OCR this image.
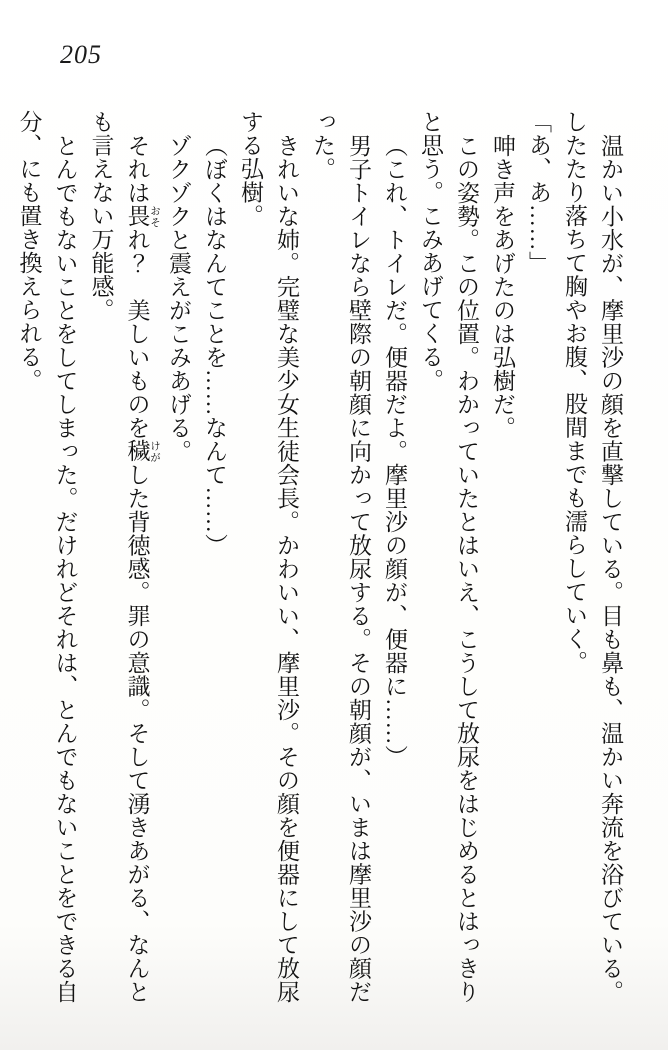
205
温かい小水が、摩里沙の顔を直撃している。目も鼻も、温かい奔流を浴びている。
したたり落ちて胸やお腹、股間までも濡らしていく。
「あ、あ……」
呻き声をあげたのは弘樹だ。
この姿勢。この位置。わかっていたとはいえ、こうして放尿をはじめるとはっきり
と思う。こみあげてくる。
（これ、トイレだ。便器だよ。摩里沙の顔が、便器に……）
男子トイレなら壁際の朝顔に向かって放尿する。その朝顔が、いまは摩里沙の顔だ
った。
きれいな姉。完璧な美少女生徒会長。かわいい、摩里沙。その顔を便器にして放尿
する弘樹。
（ぼくはなんてことを……なんて……）
ゾクゾクと震えがこみあげる。
それは畏 おそれ？　美しいものを穢 けがした背徳感。罪の意識。そして湧きあがる、なんと
も言えない万能感。
とんでもないことをしてしまった。だけれどそれは、とんでもないことをできる自
分、にも置き換えられる。
